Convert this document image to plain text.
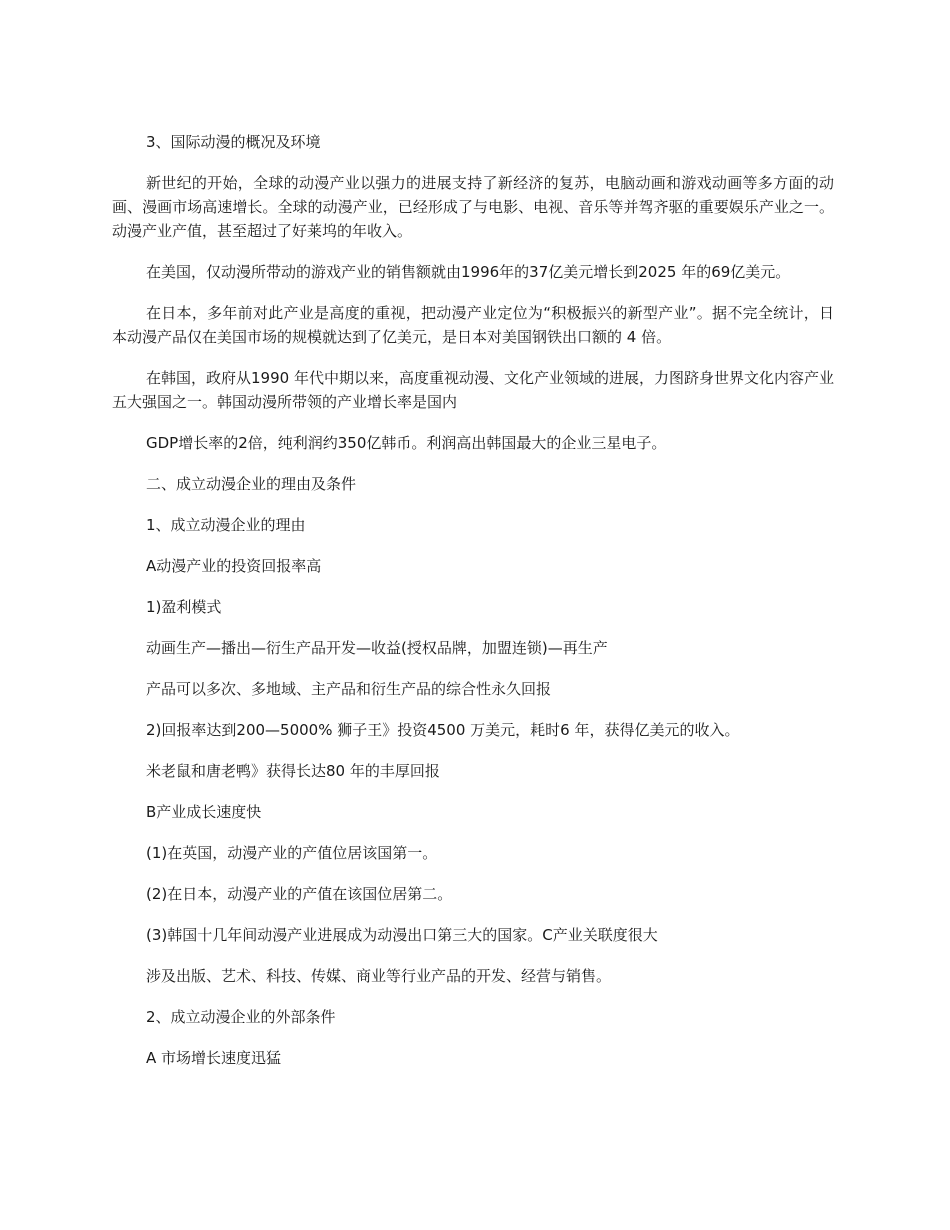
3、国际动漫的概况及环境

新世纪的开始，全球的动漫产业以强力的进展支持了新经济的复苏，电脑动画和游戏动画等多方面的动画、漫画市场高速增长。全球的动漫产业，已经形成了与电影、电视、音乐等并驾齐驱的重要娱乐产业之一。动漫产业产值，甚至超过了好莱坞的年收入。

在美国，仅动漫所带动的游戏产业的销售额就由1996年的37亿美元增长到2025 年的69亿美元。

在日本，多年前对此产业是高度的重视，把动漫产业定位为“积极振兴的新型产业”。据不完全统计，日本动漫产品仅在美国市场的规模就达到了亿美元，是日本对美国钢铁出口额的 4 倍。

在韩国，政府从1990 年代中期以来，高度重视动漫、文化产业领域的进展，力图跻身世界文化内容产业五大强国之一。韩国动漫所带领的产业增长率是国内

GDP增长率的2倍，纯利润约350亿韩币。利润高出韩国最大的企业三星电子。

二、成立动漫企业的理由及条件

1、成立动漫企业的理由

A动漫产业的投资回报率高

1)盈利模式

动画生产—播出—衍生产品开发—收益(授权品牌，加盟连锁)—再生产

产品可以多次、多地域、主产品和衍生产品的综合性永久回报

2)回报率达到200—5000% 狮子王》投资4500 万美元，耗时6 年，获得亿美元的收入。

米老鼠和唐老鸭》获得长达80 年的丰厚回报

B产业成长速度快

(1)在英国，动漫产业的产值位居该国第一。

(2)在日本，动漫产业的产值在该国位居第二。

(3)韩国十几年间动漫产业进展成为动漫出口第三大的国家。C产业关联度很大

涉及出版、艺术、科技、传媒、商业等行业产品的开发、经营与销售。

2、成立动漫企业的外部条件

A 市场增长速度迅猛
